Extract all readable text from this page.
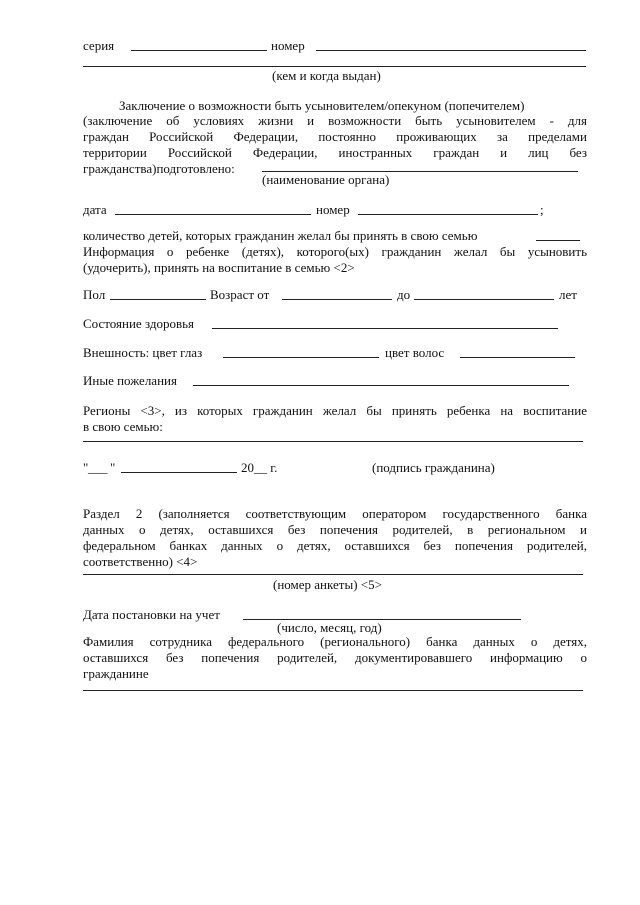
серия	номер
(кем и когда выдан)
Заключение о возможности быть усыновителем/опекуном (попечителем)
(заключение об условиях жизни и возможности быть усыновителем - для
граждан Российской Федерации, постоянно проживающих за пределами
территории Российской Федерации, иностранных граждан и лиц без
гражданства)подготовлено:
(наименование органа)
дата	номер	;
количество детей, которых гражданин желал бы принять в свою семью
Информация о ребенке (детях), которого(ых) гражданин желал бы усыновить
(удочерить), принять на воспитание в семью <2>
Пол	Возраст от	до	лет
Состояние здоровья
Внешность: цвет глаз	цвет волос
Иные пожелания
Регионы <3>, из которых гражданин желал бы принять ребенка на воспитание
в свою семью:
" ___ "	20__ г.	(подпись гражданина)
Раздел 2 (заполняется соответствующим оператором государственного банка
данных о детях, оставшихся без попечения родителей, в региональном и
федеральном банках данных о детях, оставшихся без попечения родителей,
соответственно) <4>
(номер анкеты) <5>
Дата постановки на учет
(число, месяц, год)
Фамилия сотрудника федерального (регионального) банка данных о детях,
оставшихся без попечения родителей, документировавшего информацию о
гражданине
